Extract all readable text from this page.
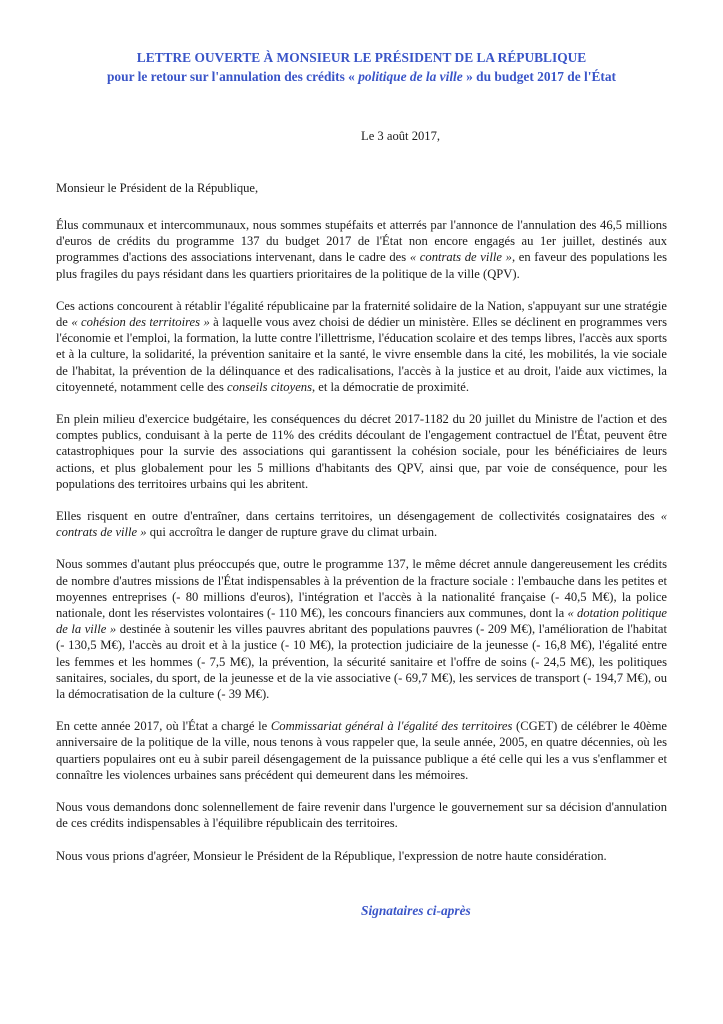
LETTRE OUVERTE À MONSIEUR LE PRÉSIDENT DE LA RÉPUBLIQUE
pour le retour sur l'annulation des crédits « politique de la ville » du budget 2017 de l'État

Le 3 août 2017,

Monsieur le Président de la République,

Élus communaux et intercommunaux, nous sommes stupéfaits et atterrés par l'annonce de l'annulation des 46,5 millions d'euros de crédits du programme 137 du budget 2017 de l'État non encore engagés au 1er juillet, destinés aux programmes d'actions des associations intervenant, dans le cadre des « contrats de ville », en faveur des populations les plus fragiles du pays résidant dans les quartiers prioritaires de la politique de la ville (QPV).

Ces actions concourent à rétablir l'égalité républicaine par la fraternité solidaire de la Nation, s'appuyant sur une stratégie de « cohésion des territoires » à laquelle vous avez choisi de dédier un ministère. Elles se déclinent en programmes vers l'économie et l'emploi, la formation, la lutte contre l'illettrisme, l'éducation scolaire et des temps libres, l'accès aux sports et à la culture, la solidarité, la prévention sanitaire et la santé, le vivre ensemble dans la cité, les mobilités, la vie sociale de l'habitat, la prévention de la délinquance et des radicalisations, l'accès à la justice et au droit, l'aide aux victimes, la citoyenneté, notamment celle des conseils citoyens, et la démocratie de proximité.

En plein milieu d'exercice budgétaire, les conséquences du décret 2017-1182 du 20 juillet du Ministre de l'action et des comptes publics, conduisant à la perte de 11% des crédits découlant de l'engagement contractuel de l'État, peuvent être catastrophiques pour la survie des associations qui garantissent la cohésion sociale, pour les bénéficiaires de leurs actions, et plus globalement pour les 5 millions d'habitants des QPV, ainsi que, par voie de conséquence, pour les populations des territoires urbains qui les abritent.

Elles risquent en outre d'entraîner, dans certains territoires, un désengagement de collectivités cosignataires des « contrats de ville » qui accroîtra le danger de rupture grave du climat urbain.

Nous sommes d'autant plus préoccupés que, outre le programme 137, le même décret annule dangereusement les crédits de nombre d'autres missions de l'État indispensables à la prévention de la fracture sociale : l'embauche dans les petites et moyennes entreprises (- 80 millions d'euros), l'intégration et l'accès à la nationalité française (- 40,5 M€), la police nationale, dont les réservistes volontaires (- 110 M€), les concours financiers aux communes, dont la « dotation politique de la ville » destinée à soutenir les villes pauvres abritant des populations pauvres (- 209 M€), l'amélioration de l'habitat (- 130,5 M€), l'accès au droit et à la justice (- 10 M€), la protection judiciaire de la jeunesse (- 16,8 M€), l'égalité entre les femmes et les hommes (- 7,5 M€), la prévention, la sécurité sanitaire et l'offre de soins (- 24,5 M€), les politiques sanitaires, sociales, du sport, de la jeunesse et de la vie associative (- 69,7 M€), les services de transport (- 194,7 M€), ou la démocratisation de la culture (- 39 M€).

En cette année 2017, où l'État a chargé le Commissariat général à l'égalité des territoires (CGET) de célébrer le 40ème anniversaire de la politique de la ville, nous tenons à vous rappeler que, la seule année, 2005, en quatre décennies, où les quartiers populaires ont eu à subir pareil désengagement de la puissance publique a été celle qui les a vus s'enflammer et connaître les violences urbaines sans précédent qui demeurent dans les mémoires.

Nous vous demandons donc solennellement de faire revenir dans l'urgence le gouvernement sur sa décision d'annulation de ces crédits indispensables à l'équilibre républicain des territoires.

Nous vous prions d'agréer, Monsieur le Président de la République, l'expression de notre haute considération.

Signataires ci-après
